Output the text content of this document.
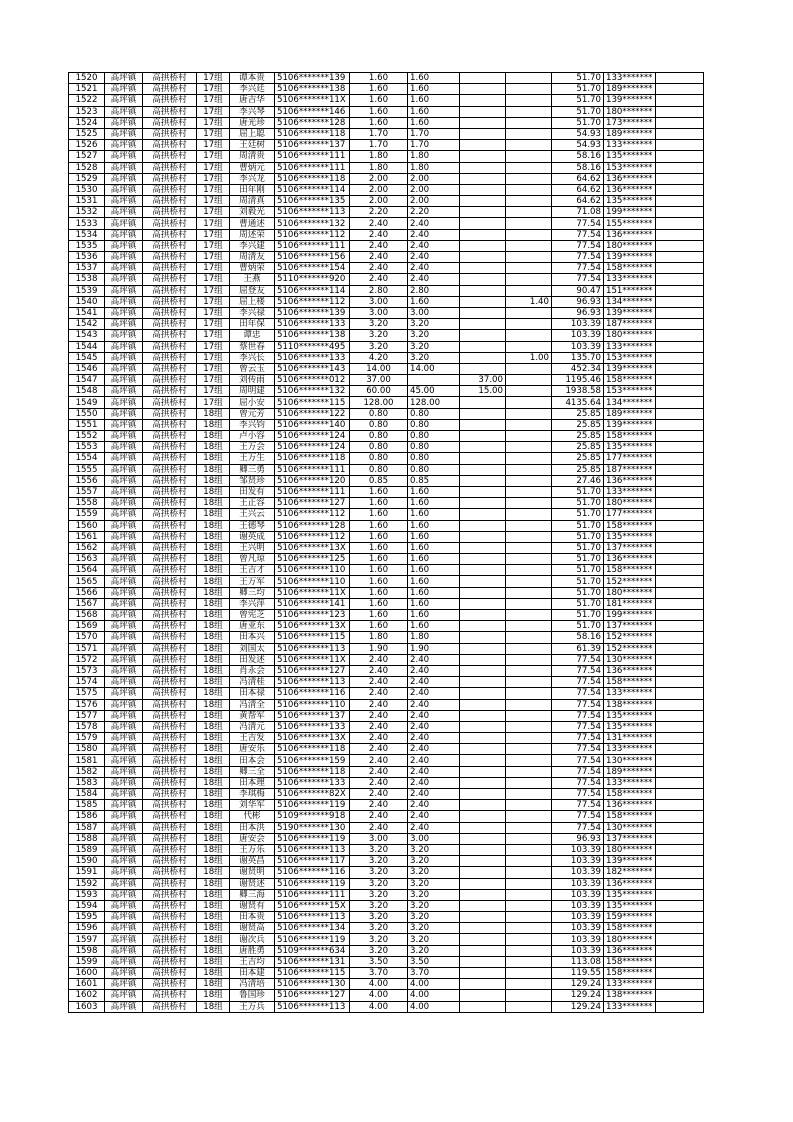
1520	高坪镇	高拱桥村	17组	谭本贵	5106*******139	1.60	1.60			51.70	133*******	
1521	高坪镇	高拱桥村	17组	李兴廷	5106*******138	1.60	1.60			51.70	189*******	
1522	高坪镇	高拱桥村	17组	唐吉华	5106*******11X	1.60	1.60			51.70	139*******	
1523	高坪镇	高拱桥村	17组	李兴琴	5106*******146	1.60	1.60			51.70	180*******	
1524	高坪镇	高拱桥村	17组	唐光珍	5106*******128	1.60	1.60			51.70	173*******	
1525	高坪镇	高拱桥村	17组	屈上聪	5106*******118	1.70	1.70			54.93	189*******	
1526	高坪镇	高拱桥村	17组	王廷树	5106*******137	1.70	1.70			54.93	133*******	
1527	高坪镇	高拱桥村	17组	周清贵	5106*******111	1.80	1.80			58.16	135*******	
1528	高坪镇	高拱桥村	17组	曹炳元	5106*******111	1.80	1.80			58.16	153*******	
1529	高坪镇	高拱桥村	17组	李兴龙	5106*******118	2.00	2.00			64.62	136*******	
1530	高坪镇	高拱桥村	17组	田年刚	5106*******114	2.00	2.00			64.62	136*******	
1531	高坪镇	高拱桥村	17组	周清真	5106*******135	2.00	2.00			64.62	135*******	
1532	高坪镇	高拱桥村	17组	刘毅光	5106*******113	2.20	2.20			71.08	199*******	
1533	高坪镇	高拱桥村	17组	曹通述	5106*******132	2.40	2.40			77.54	155*******	
1534	高坪镇	高拱桥村	17组	周述荣	5106*******112	2.40	2.40			77.54	136*******	
1535	高坪镇	高拱桥村	17组	李兴建	5106*******111	2.40	2.40			77.54	180*******	
1536	高坪镇	高拱桥村	17组	周清友	5106*******156	2.40	2.40			77.54	139*******	
1537	高坪镇	高拱桥村	17组	曹炳荣	5106*******154	2.40	2.40			77.54	158*******	
1538	高坪镇	高拱桥村	17组	王燕	5110*******920	2.40	2.40			77.54	133*******	
1539	高坪镇	高拱桥村	17组	屈登友	5106*******114	2.80	2.80			90.47	151*******	
1540	高坪镇	高拱桥村	17组	屈上楼	5106*******112	3.00	1.60		1.40	96.93	134*******	
1541	高坪镇	高拱桥村	17组	李兴禄	5106*******139	3.00	3.00			96.93	139*******	
1542	高坪镇	高拱桥村	17组	田年保	5106*******133	3.20	3.20			103.39	187*******	
1543	高坪镇	高拱桥村	17组	谭忠	5106*******138	3.20	3.20			103.39	180*******	
1544	高坪镇	高拱桥村	17组	蔡世春	5110*******495	3.20	3.20			103.39	133*******	
1545	高坪镇	高拱桥村	17组	李兴长	5106*******133	4.20	3.20		1.00	135.70	153*******	
1546	高坪镇	高拱桥村	17组	曾云玉	5106*******143	14.00	14.00			452.34	139*******	
1547	高坪镇	高拱桥村	17组	刘传雨	5106*******012	37.00		37.00		1195.46	158*******	
1548	高坪镇	高拱桥村	17组	周明建	5106*******132	60.00	45.00	15.00		1938.58	153*******	
1549	高坪镇	高拱桥村	17组	屈小安	5106*******115	128.00	128.00			4135.64	134*******	
1550	高坪镇	高拱桥村	18组	曾元芳	5106*******122	0.80	0.80			25.85	189*******	
1551	高坪镇	高拱桥村	18组	李兴钧	5106*******140	0.80	0.80			25.85	139*******	
1552	高坪镇	高拱桥村	18组	卢小容	5106*******124	0.80	0.80			25.85	158*******	
1553	高坪镇	高拱桥村	18组	王万会	5106*******124	0.80	0.80			25.85	135*******	
1554	高坪镇	高拱桥村	18组	王万生	5106*******118	0.80	0.80			25.85	177*******	
1555	高坪镇	高拱桥村	18组	卿三勇	5106*******111	0.80	0.80			25.85	187*******	
1556	高坪镇	高拱桥村	18组	邹贤珍	5106*******120	0.85	0.85			27.46	136*******	
1557	高坪镇	高拱桥村	18组	田发有	5106*******111	1.60	1.60			51.70	133*******	
1558	高坪镇	高拱桥村	18组	王正容	5106*******127	1.60	1.60			51.70	180*******	
1559	高坪镇	高拱桥村	18组	王兴云	5106*******112	1.60	1.60			51.70	177*******	
1560	高坪镇	高拱桥村	18组	王德琴	5106*******128	1.60	1.60			51.70	158*******	
1561	高坪镇	高拱桥村	18组	谢英成	5106*******112	1.60	1.60			51.70	135*******	
1562	高坪镇	高拱桥村	18组	王兴明	5106*******13X	1.60	1.60			51.70	137*******	
1563	高坪镇	高拱桥村	18组	曾凡琼	5106*******125	1.60	1.60			51.70	136*******	
1564	高坪镇	高拱桥村	18组	王吉才	5106*******110	1.60	1.60			51.70	158*******	
1565	高坪镇	高拱桥村	18组	王万军	5106*******110	1.60	1.60			51.70	152*******	
1566	高坪镇	高拱桥村	18组	卿三均	5106*******11X	1.60	1.60			51.70	180*******	
1567	高坪镇	高拱桥村	18组	李兴萍	5106*******141	1.60	1.60			51.70	181*******	
1568	高坪镇	高拱桥村	18组	曾宪芝	5106*******123	1.60	1.60			51.70	199*******	
1569	高坪镇	高拱桥村	18组	唐亚东	5106*******13X	1.60	1.60			51.70	137*******	
1570	高坪镇	高拱桥村	18组	田本兴	5106*******115	1.80	1.80			58.16	152*******	
1571	高坪镇	高拱桥村	18组	刘国太	5106*******113	1.90	1.90			61.39	152*******	
1572	高坪镇	高拱桥村	18组	田发述	5106*******11X	2.40	2.40			77.54	130*******	
1573	高坪镇	高拱桥村	18组	肖永会	5106*******127	2.40	2.40			77.54	136*******	
1574	高坪镇	高拱桥村	18组	冯清桂	5106*******113	2.40	2.40			77.54	158*******	
1575	高坪镇	高拱桥村	18组	田本禄	5106*******116	2.40	2.40			77.54	133*******	
1576	高坪镇	高拱桥村	18组	冯清全	5106*******110	2.40	2.40			77.54	138*******	
1577	高坪镇	高拱桥村	18组	黄帮军	5106*******137	2.40	2.40			77.54	135*******	
1578	高坪镇	高拱桥村	18组	冯清元	5106*******133	2.40	2.40			77.54	135*******	
1579	高坪镇	高拱桥村	18组	王吉发	5106*******13X	2.40	2.40			77.54	131*******	
1580	高坪镇	高拱桥村	18组	唐安乐	5106*******118	2.40	2.40			77.54	133*******	
1581	高坪镇	高拱桥村	18组	田本会	5106*******159	2.40	2.40			77.54	130*******	
1582	高坪镇	高拱桥村	18组	卿三全	5106*******118	2.40	2.40			77.54	189*******	
1583	高坪镇	高拱桥村	18组	田本理	5106*******133	2.40	2.40			77.54	133*******	
1584	高坪镇	高拱桥村	18组	李琪梅	5106*******82X	2.40	2.40			77.54	158*******	
1585	高坪镇	高拱桥村	18组	刘华军	5106*******119	2.40	2.40			77.54	136*******	
1586	高坪镇	高拱桥村	18组	代彬	5109*******918	2.40	2.40			77.54	158*******	
1587	高坪镇	高拱桥村	18组	田本洪	5190*******130	2.40	2.40			77.54	130*******	
1588	高坪镇	高拱桥村	18组	唐安会	5106*******119	3.00	3.00			96.93	137*******	
1589	高坪镇	高拱桥村	18组	王万乐	5106*******113	3.20	3.20			103.39	180*******	
1590	高坪镇	高拱桥村	18组	谢英昌	5106*******117	3.20	3.20			103.39	139*******	
1591	高坪镇	高拱桥村	18组	谢贤明	5106*******116	3.20	3.20			103.39	182*******	
1592	高坪镇	高拱桥村	18组	谢贤述	5106*******119	3.20	3.20			103.39	136*******	
1593	高坪镇	高拱桥村	18组	卿三海	5106*******111	3.20	3.20			103.39	135*******	
1594	高坪镇	高拱桥村	18组	谢贤有	5106*******15X	3.20	3.20			103.39	135*******	
1595	高坪镇	高拱桥村	18组	田本贵	5106*******113	3.20	3.20			103.39	159*******	
1596	高坪镇	高拱桥村	18组	谢贤高	5106*******134	3.20	3.20			103.39	158*******	
1597	高坪镇	高拱桥村	18组	谢次兵	5106*******119	3.20	3.20			103.39	180*******	
1598	高坪镇	高拱桥村	18组	唐胜勇	5109*******634	3.20	3.20			103.39	136*******	
1599	高坪镇	高拱桥村	18组	王吉均	5106*******131	3.50	3.50			113.08	158*******	
1600	高坪镇	高拱桥村	18组	田本建	5106*******115	3.70	3.70			119.55	158*******	
1601	高坪镇	高拱桥村	18组	冯清培	5106*******130	4.00	4.00			129.24	133*******	
1602	高坪镇	高拱桥村	18组	鲁国珍	5106*******127	4.00	4.00			129.24	138*******	
1603	高坪镇	高拱桥村	18组	王万兵	5106*******113	4.00	4.00			129.24	133*******	
